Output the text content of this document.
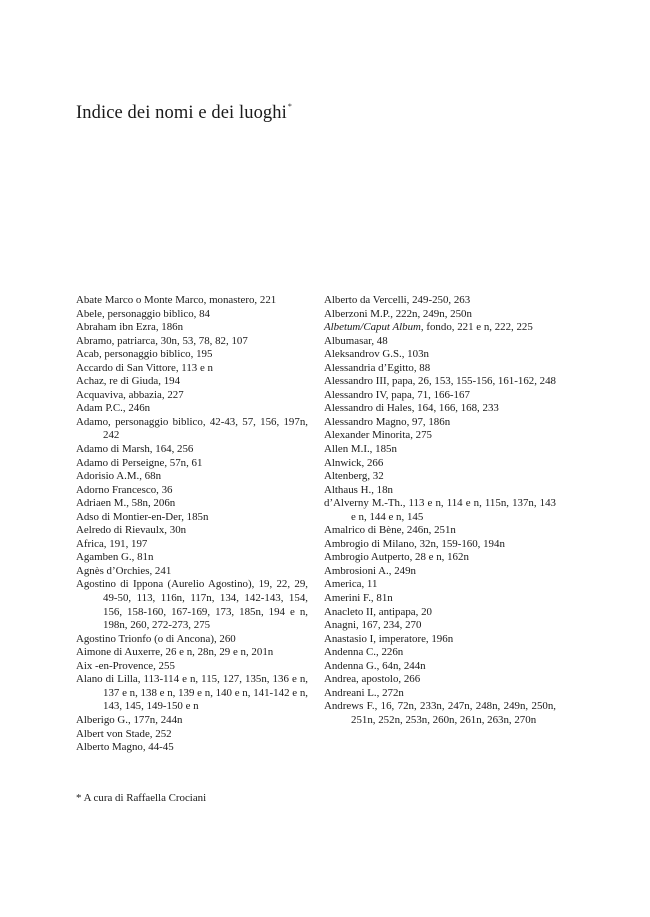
Indice dei nomi e dei luoghi*
Abate Marco o Monte Marco, monastero, 221
Abele, personaggio biblico, 84
Abraham ibn Ezra, 186n
Abramo, patriarca, 30n, 53, 78, 82, 107
Acab, personaggio biblico, 195
Accardo di San Vittore, 113 e n
Achaz, re di Giuda, 194
Acquaviva, abbazia, 227
Adam P.C., 246n
Adamo, personaggio biblico, 42-43, 57, 156, 197n, 242
Adamo di Marsh, 164, 256
Adamo di Perseigne, 57n, 61
Adorisio A.M., 68n
Adorno Francesco, 36
Adriaen M., 58n, 206n
Adso di Montier-en-Der, 185n
Aelredo di Rievaulx, 30n
Africa, 191, 197
Agamben G., 81n
Agnès d’Orchies, 241
Agostino di Ippona (Aurelio Agostino), 19, 22, 29, 49-50, 113, 116n, 117n, 134, 142-143, 154, 156, 158-160, 167-169, 173, 185n, 194 e n, 198n, 260, 272-273, 275
Agostino Trionfo (o di Ancona), 260
Aimone di Auxerre, 26 e n, 28n, 29 e n, 201n
Aix -en-Provence, 255
Alano di Lilla, 113-114 e n, 115, 127, 135n, 136 e n, 137 e n, 138 e n, 139 e n, 140 e n, 141-142 e n, 143, 145, 149-150 e n
Alberigo G., 177n, 244n
Albert von Stade, 252
Alberto Magno, 44-45
Alberto da Vercelli, 249-250, 263
Alberzoni M.P., 222n, 249n, 250n
Albetum/Caput Album, fondo, 221 e n, 222, 225
Albumasar, 48
Aleksandrov G.S., 103n
Alessandria d’Egitto, 88
Alessandro III, papa, 26, 153, 155-156, 161-162, 248
Alessandro IV, papa, 71, 166-167
Alessandro di Hales, 164, 166, 168, 233
Alessandro Magno, 97, 186n
Alexander Minorita, 275
Allen M.I., 185n
Alnwick, 266
Altenberg, 32
Althaus H., 18n
d’Alverny M.-Th., 113 e n, 114 e n, 115n, 137n, 143 e n, 144 e n, 145
Amalrico di Bène, 246n, 251n
Ambrogio di Milano, 32n, 159-160, 194n
Ambrogio Autperto, 28 e n, 162n
Ambrosioni A., 249n
America, 11
Amerini F., 81n
Anacleto II, antipapa, 20
Anagni, 167, 234, 270
Anastasio I, imperatore, 196n
Andenna C., 226n
Andenna G., 64n, 244n
Andrea, apostolo, 266
Andreani L., 272n
Andrews F., 16, 72n, 233n, 247n, 248n, 249n, 250n, 251n, 252n, 253n, 260n, 261n, 263n, 270n
* A cura di Raffaella Crociani
